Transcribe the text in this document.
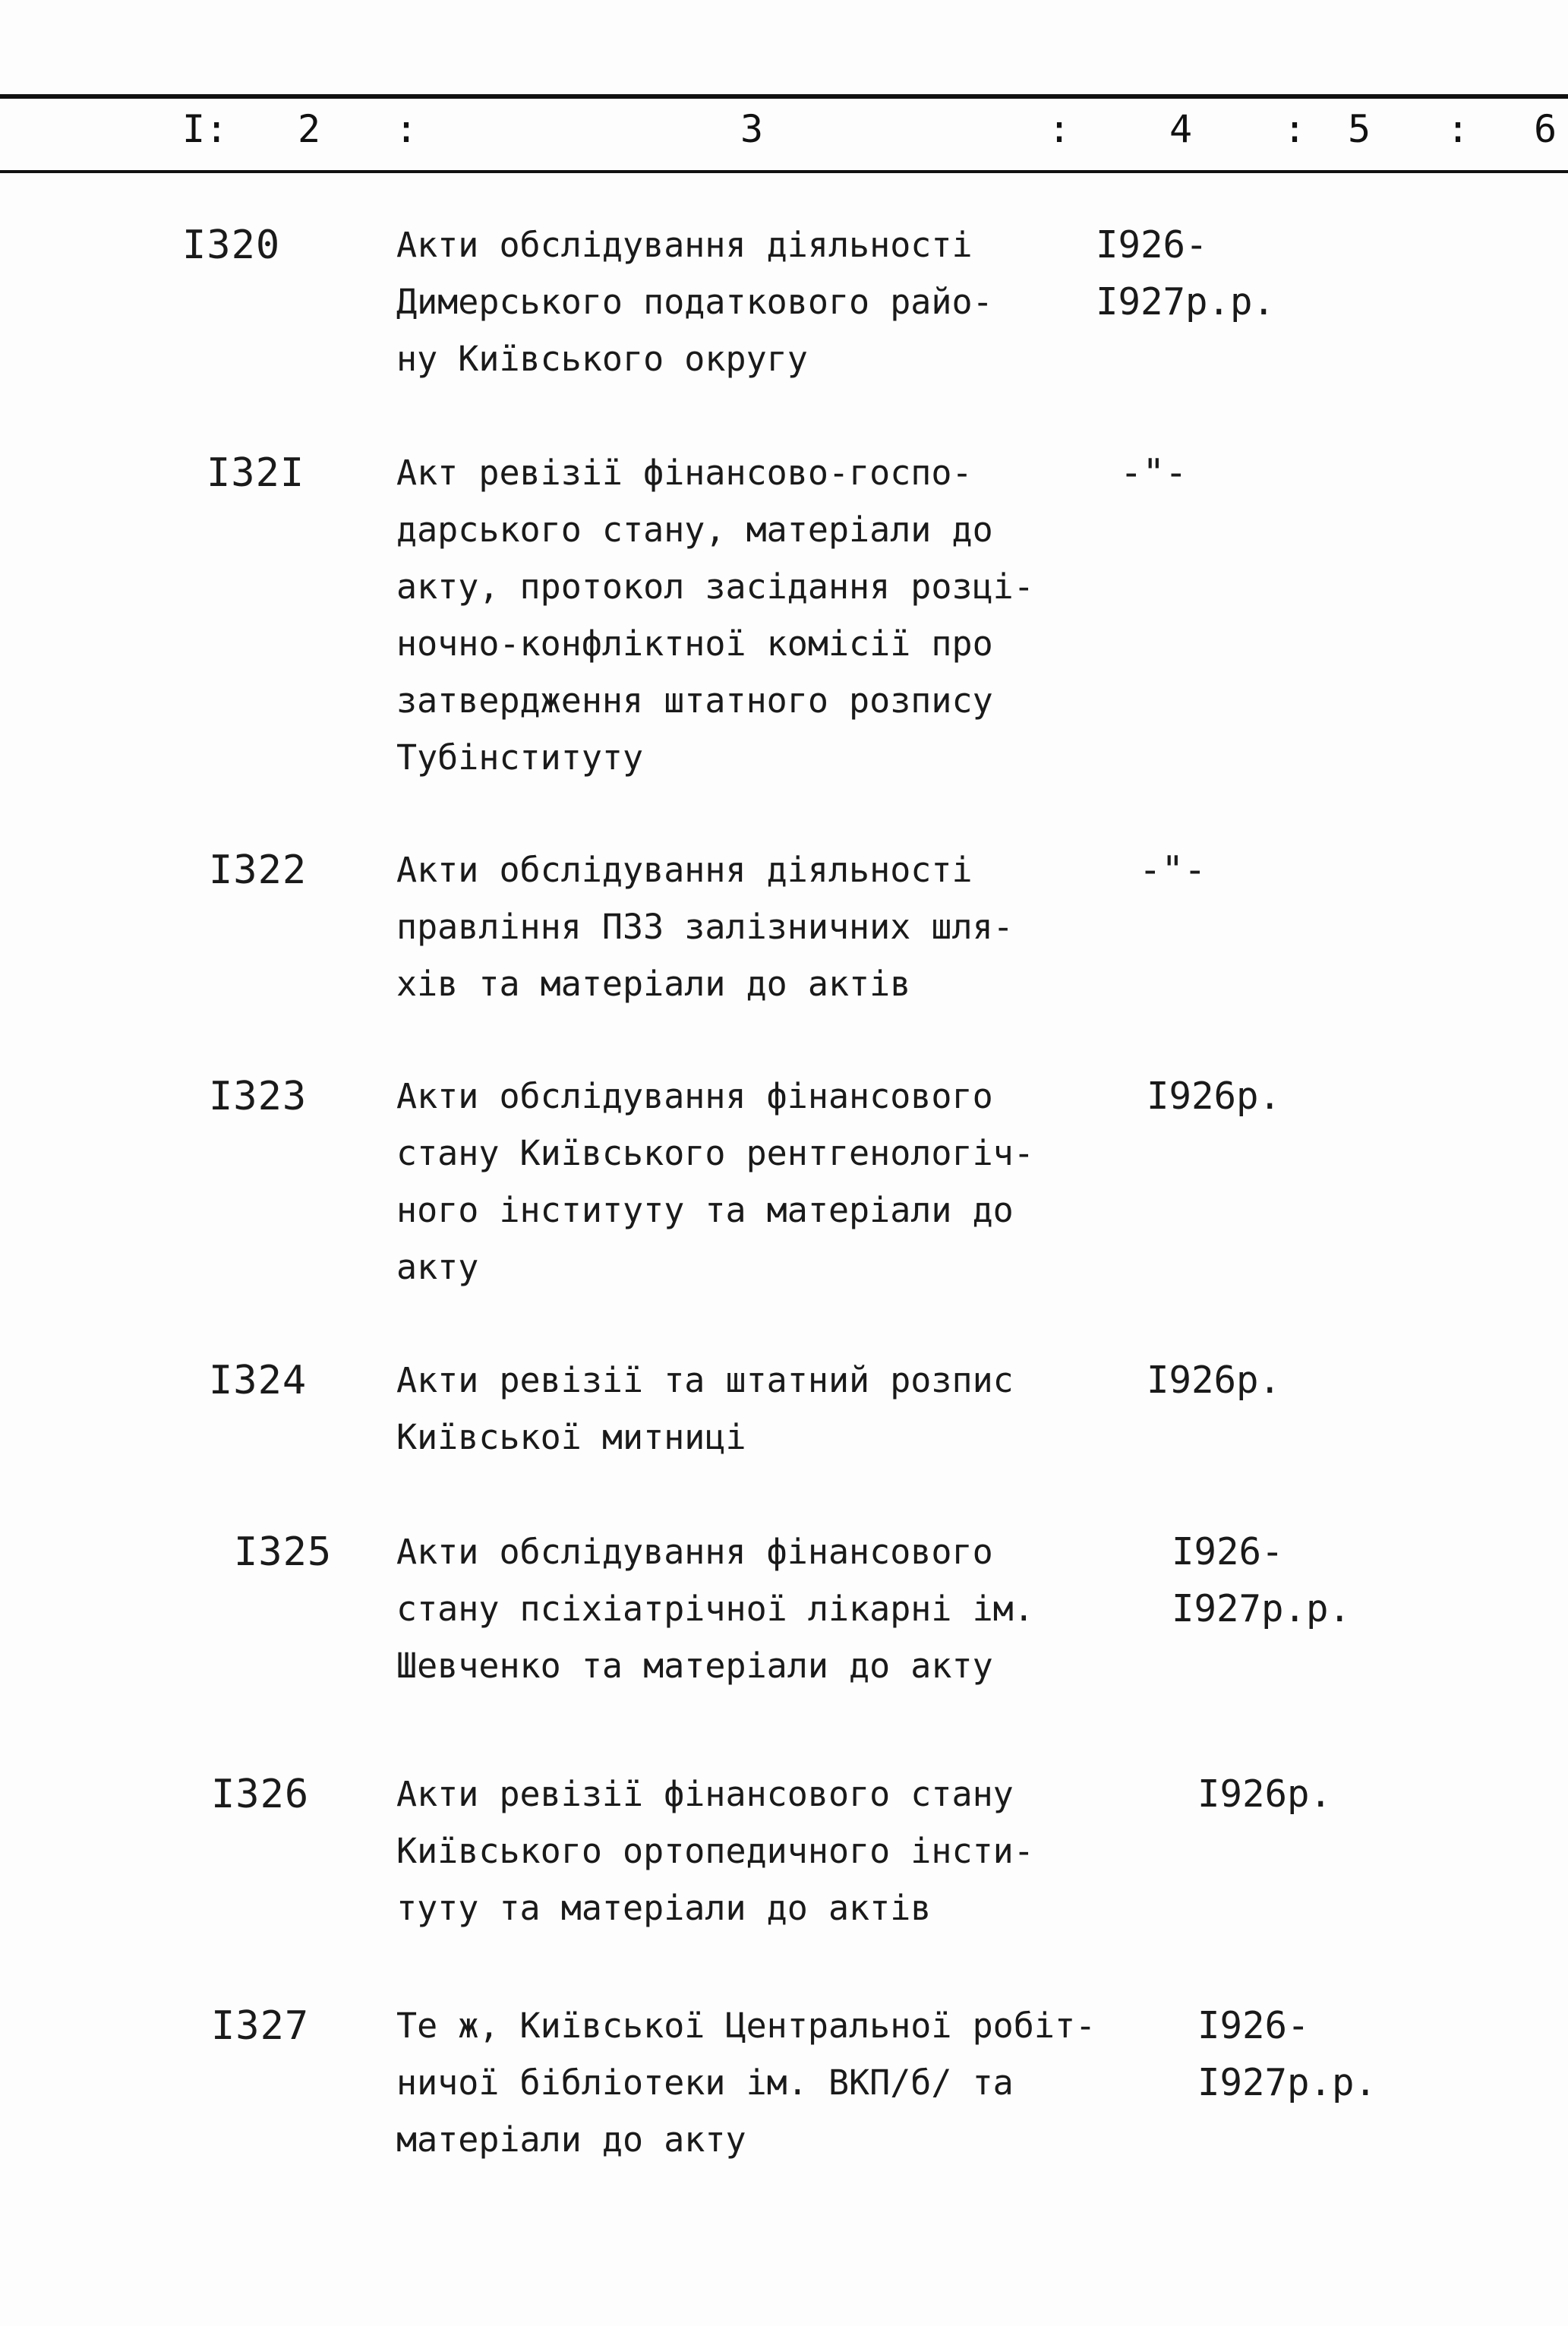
I: 2 :	3	:	4 : 5 : 6
I320	Акти обслідування діяльності
Димерського податкового райо-
ну Київського округу
I926-
I927р.р.
I32I	Акт ревізії фінансово-госпо-
дарського стану, матеріали до
акту, протокол засідання розці-
ночно-конфліктної комісії про
затвердження штатного розпису
Тубінституту
-"-
I322	Акти обслідування діяльності
правління ПЗЗ залізничних шля-
хів та матеріали до актів
-"-
I323	Акти обслідування фінансового
стану Київського рентгенологіч-
ного інституту та матеріали до
акту
I926р.
I324	Акти ревізії та штатний розпис
Київської митниці
I926р.
I325 Акти обслідування фінансового
стану псіхіатрічної лікарні ім.
Шевченко та матеріали до акту
I926-
I927р.р.
I326	Акти ревізії фінансового стану
Київського ортопедичного інсти-
туту та матеріали до актів
I926р.
I327	Те ж, Київської Центральної робіт-
ничої бібліотеки ім. ВКП/б/ та
матеріали до акту
I926-
I927р.р.
